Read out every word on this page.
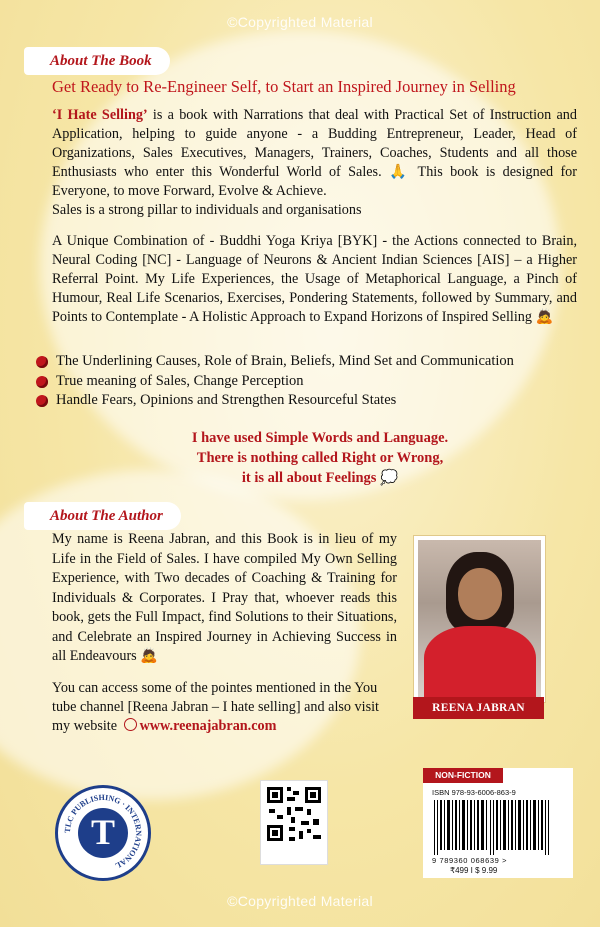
©Copyrighted Material
About The Book
Get Ready to Re-Engineer Self, to Start an Inspired Journey in Selling
‘I Hate Selling’ is a book with Narrations that deal with Practical Set of Instruction and Application, helping to guide anyone - a Budding Entrepreneur, Leader, Head of Organizations, Sales Executives, Managers, Trainers, Coaches, Students and all those Enthusiasts who enter this Wonderful World of Sales. 🙏 This book is designed for Everyone, to move Forward, Evolve & Achieve.
Sales is a strong pillar to individuals and organisations
A Unique Combination of - Buddhi Yoga Kriya [BYK] - the Actions connected to Brain, Neural Coding [NC] - Language of Neurons & Ancient Indian Sciences [AIS] – a Higher Referral Point. My Life Experiences, the Usage of Metaphorical Language, a Pinch of Humour, Real Life Scenarios, Exercises, Pondering Statements, followed by Summary, and Points to Contemplate - A Holistic Approach to Expand Horizons of Inspired Selling 🙇
The Underlining Causes, Role of Brain, Beliefs, Mind Set and Communication
True meaning of Sales, Change Perception
Handle Fears, Opinions and Strengthen Resourceful States
I have used Simple Words and Language.
There is nothing called Right or Wrong,
it is all about Feelings 💭
About The Author
My name is Reena Jabran, and this Book is in lieu of my Life in the Field of Sales. I have compiled My Own Selling Experience, with Two decades of Coaching & Training for Individuals & Corporates. I Pray that, whoever reads this book, gets the Full Impact, find Solutions to their Situations, and Celebrate an Inspired Journey in Achieving Success in all Endeavours 🙇
You can access some of the pointes mentioned in the You tube channel [Reena Jabran – I hate selling] and also visit my website www.reenajabran.com
REENA JABRAN
TLC PUBLISHING · INTERNATIONAL
T
NON-FICTION
ISBN 978-93-6006-863-9
9 789360 068639 >
₹499 I $ 9.99
©Copyrighted Material
